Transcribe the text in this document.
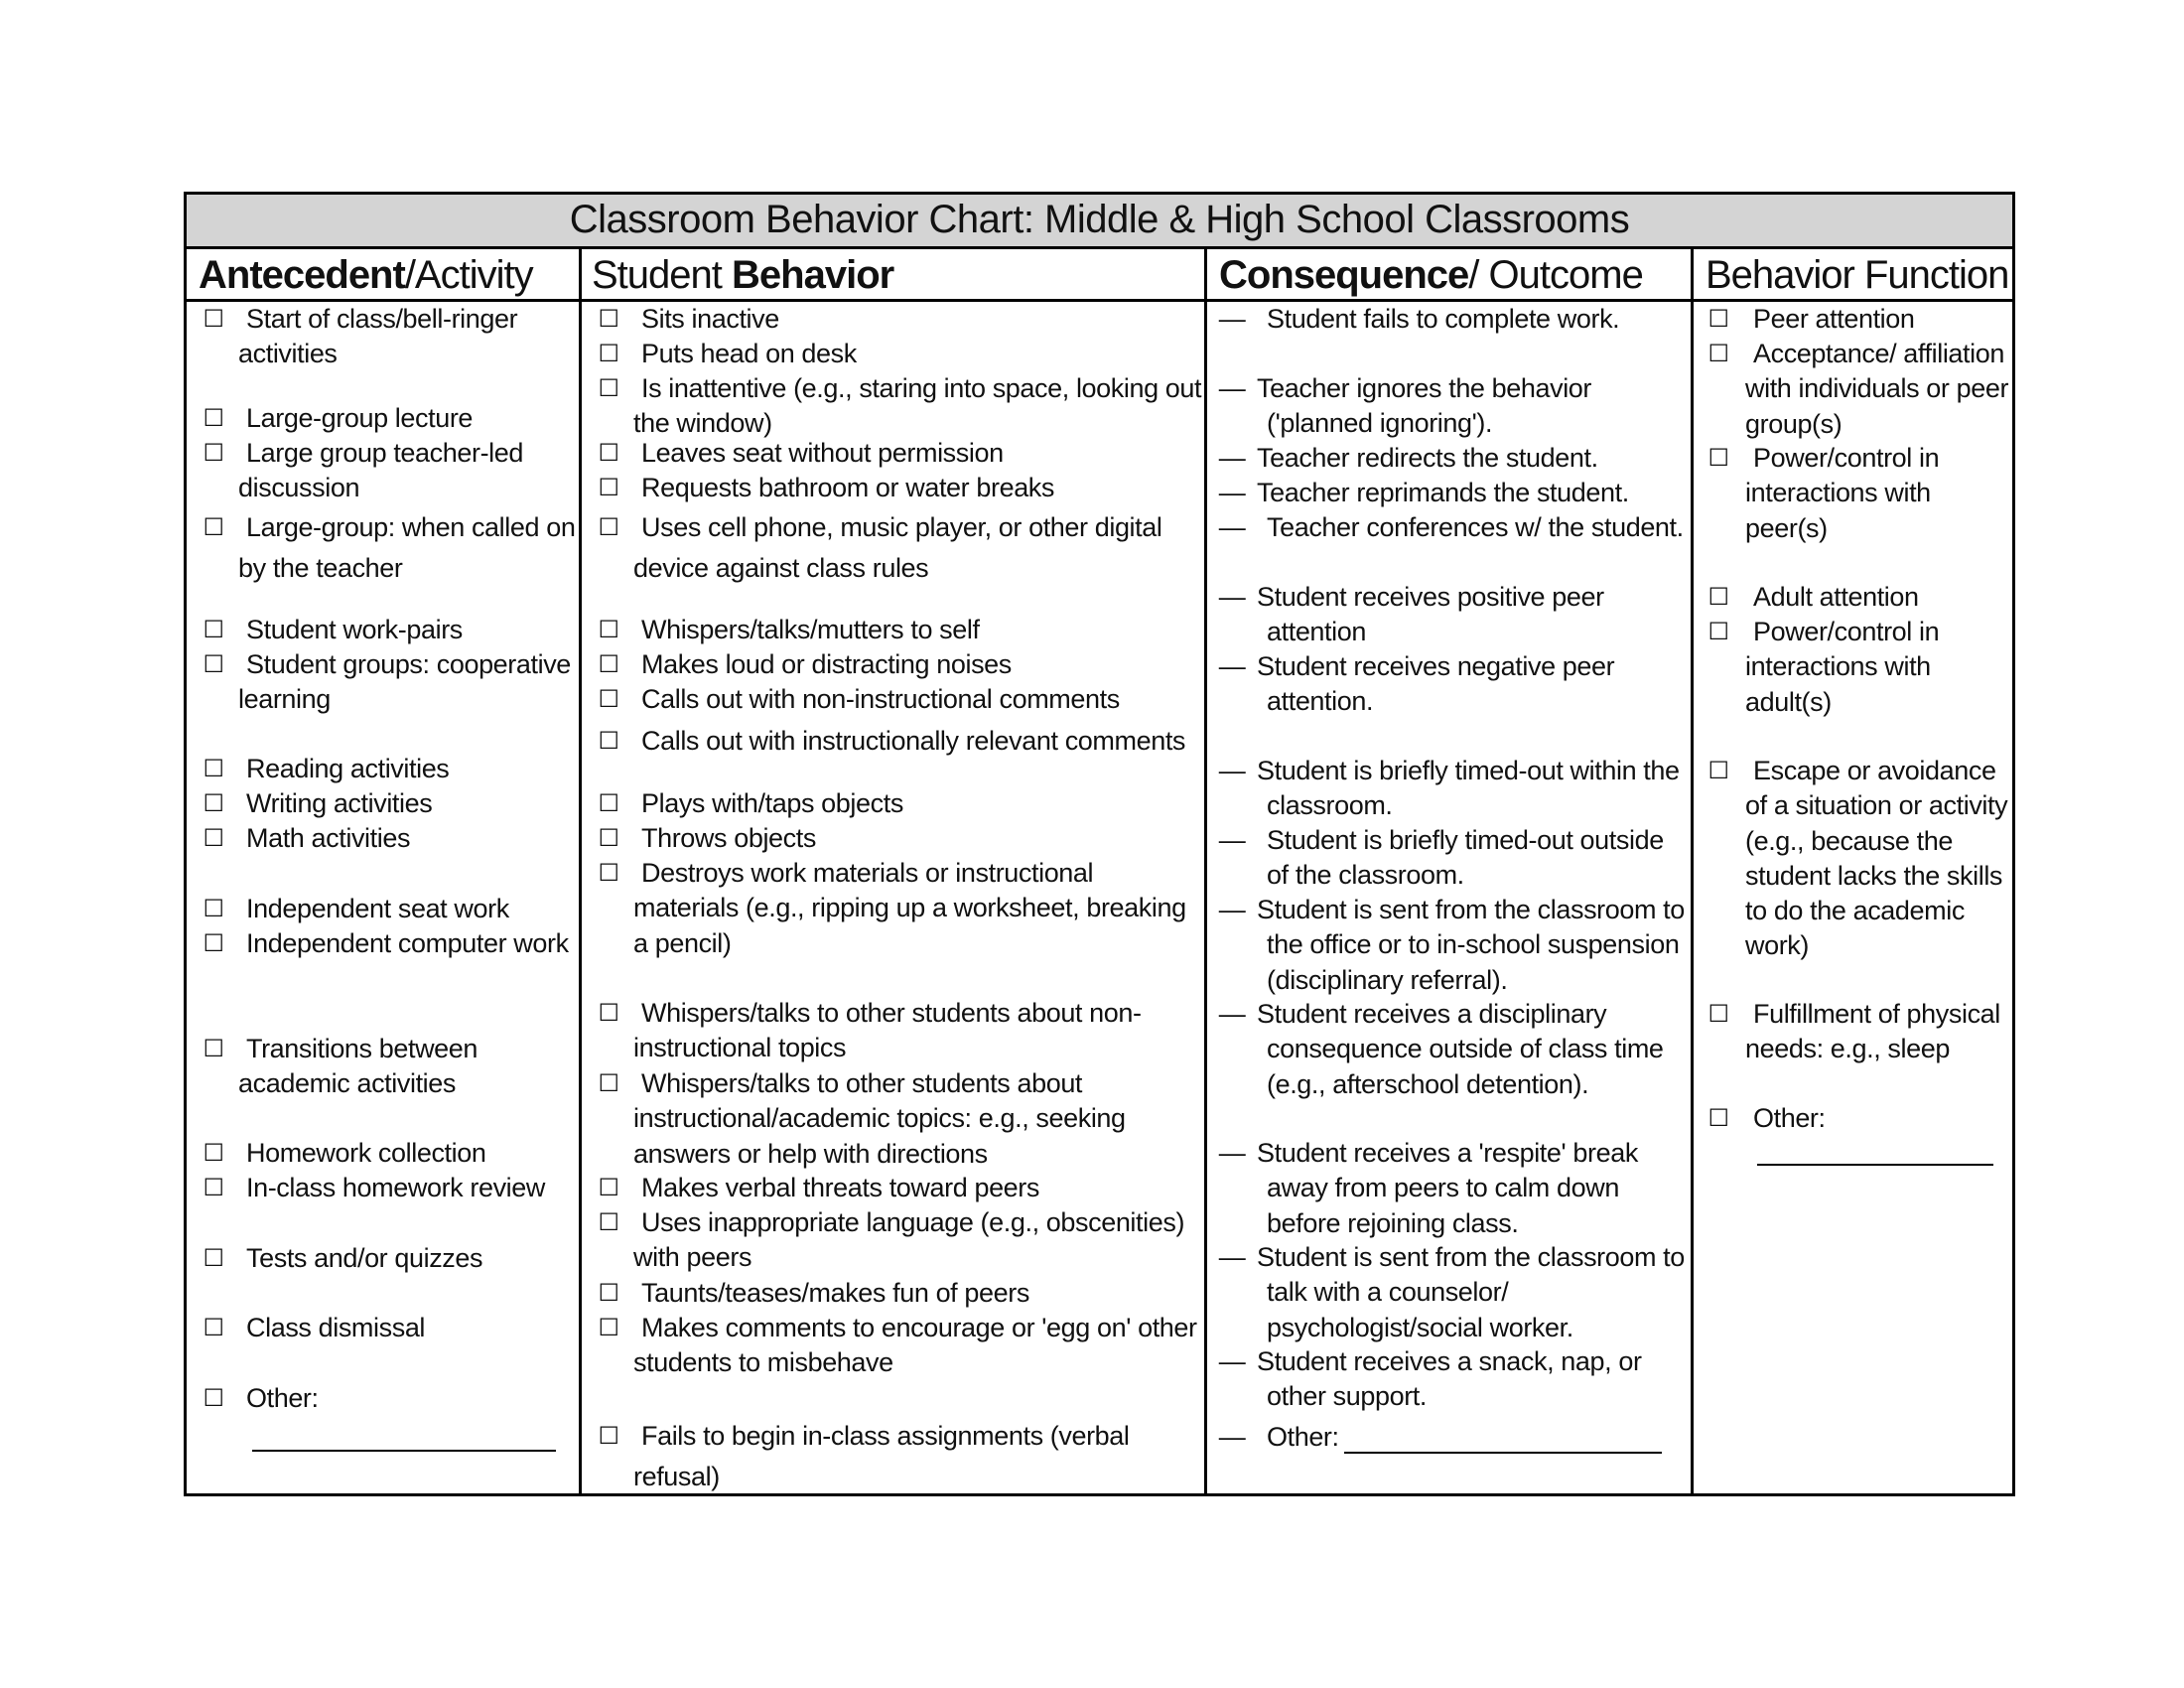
Classroom Behavior Chart: Middle & High School Classrooms
Antecedent/Activity
☐ Start of class/bell-ringer activities
☐ Large-group lecture
☐ Large group teacher-led discussion
☐ Large-group: when called on by the teacher
☐ Student work-pairs
☐ Student groups: cooperative learning
☐ Reading activities
☐ Writing activities
☐ Math activities
☐ Independent seat work
☐ Independent computer work
☐ Transitions between academic activities
☐ Homework collection
☐ In-class homework review
☐ Tests and/or quizzes
☐ Class dismissal
☐ Other:
Student Behavior
☐ Sits inactive
☐ Puts head on desk
☐ Is inattentive (e.g., staring into space, looking out the window)
☐ Leaves seat without permission
☐ Requests bathroom or water breaks
☐ Uses cell phone, music player, or other digital device against class rules
☐ Whispers/talks/mutters to self
☐ Makes loud or distracting noises
☐ Calls out with non-instructional comments
☐ Calls out with instructionally relevant comments
☐ Plays with/taps objects
☐ Throws objects
☐ Destroys work materials or instructional materials (e.g., ripping up a worksheet, breaking a pencil)
☐ Whispers/talks to other students about non-instructional topics
☐ Whispers/talks to other students about instructional/academic topics: e.g., seeking answers or help with directions
☐ Makes verbal threats toward peers
☐ Uses inappropriate language (e.g., obscenities) with peers
☐ Taunts/teases/makes fun of peers
☐ Makes comments to encourage or 'egg on' other students to misbehave
☐ Fails to begin in-class assignments (verbal refusal)
Consequence/ Outcome
— Student fails to complete work.
— Teacher ignores the behavior ('planned ignoring').
— Teacher redirects the student.
— Teacher reprimands the student.
— Teacher conferences w/ the student.
— Student receives positive peer attention
— Student receives negative peer attention.
— Student is briefly timed-out within the classroom.
— Student is briefly timed-out outside of the classroom.
— Student is sent from the classroom to the office or to in-school suspension (disciplinary referral).
— Student receives a disciplinary consequence outside of class time (e.g., afterschool detention).
— Student receives a 'respite' break away from peers to calm down before rejoining class.
— Student is sent from the classroom to talk with a counselor/ psychologist/social worker.
— Student receives a snack, nap, or other support.
— Other:
Behavior Function
☐ Peer attention
☐ Acceptance/ affiliation with individuals or peer group(s)
☐ Power/control in interactions with peer(s)
☐ Adult attention
☐ Power/control in interactions with adult(s)
☐ Escape or avoidance of a situation or activity (e.g., because the student lacks the skills to do the academic work)
☐ Fulfillment of physical needs: e.g., sleep
☐ Other:
